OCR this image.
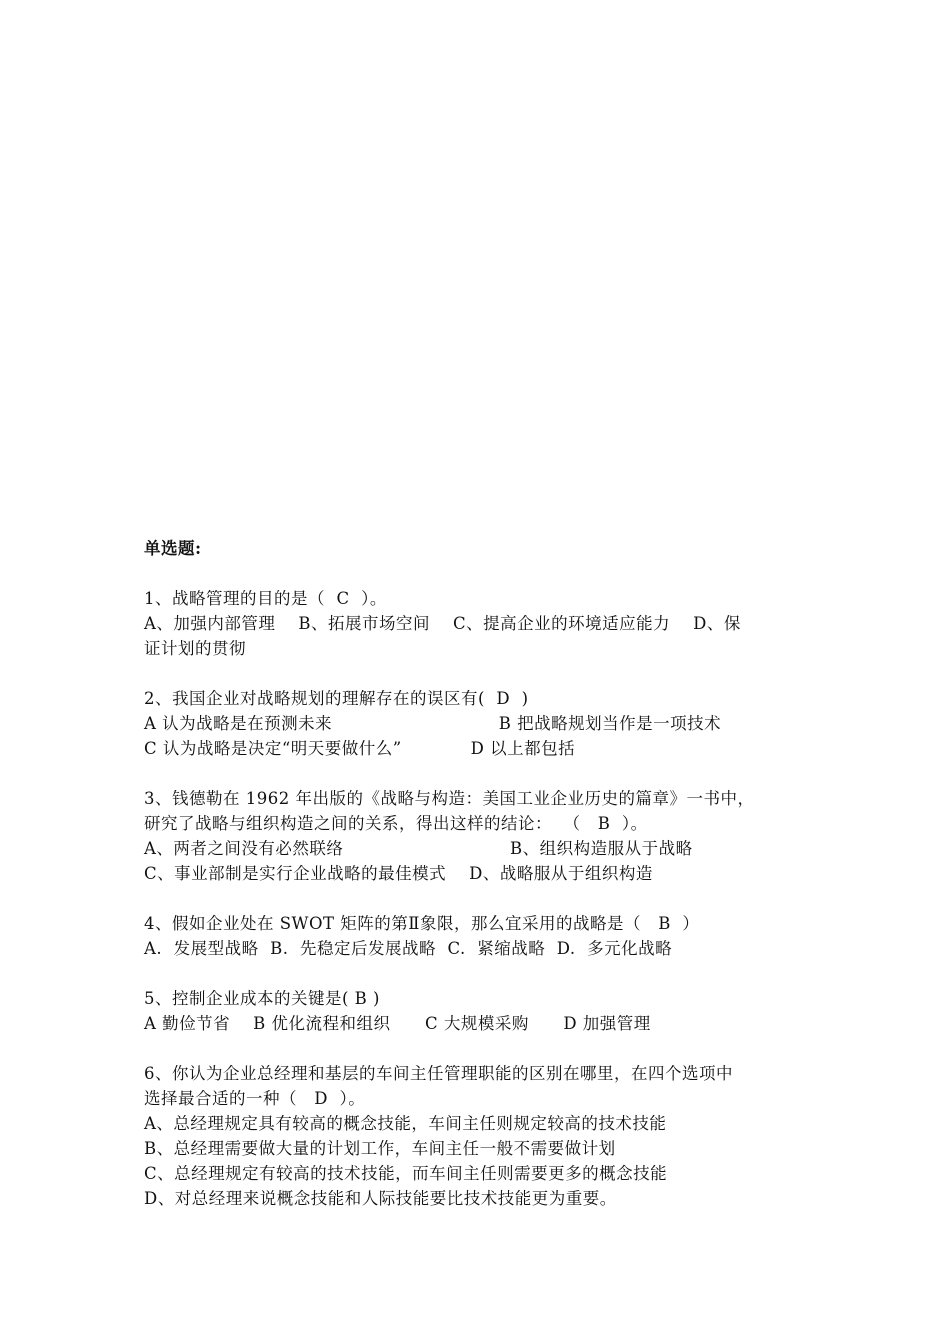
单选题:
1、战略管理的目的是（  C  ）。
A、加强内部管理    B、拓展市场空间    C、提高企业的环境适应能力    D、保
证计划的贯彻
2、我国企业对战略规划的理解存在的误区有(  D  )
A 认为战略是在预测未来                             B 把战略规划当作是一项技术
C 认为战略是决定“明天要做什么”            D 以上都包括
3、钱德勒在 1962 年出版的《战略与构造：美国工业企业历史的篇章》一书中，
研究了战略与组织构造之间的关系，得出这样的结论：  （   B  ）。
A、两者之间没有必然联络                             B、组织构造服从于战略
C、事业部制是实行企业战略的最佳模式    D、战略服从于组织构造
4、假如企业处在 SWOT 矩阵的第Ⅱ象限，那么宜采用的战略是（   B  ）
A.  发展型战略  B.  先稳定后发展战略  C.  紧缩战略  D.  多元化战略
5、控制企业成本的关键是( B )
A 勤俭节省    B 优化流程和组织      C 大规模采购      D 加强管理
6、你认为企业总经理和基层的车间主任管理职能的区别在哪里，在四个选项中
选择最合适的一种（   D  ）。
A、总经理规定具有较高的概念技能，车间主任则规定较高的技术技能
B、总经理需要做大量的计划工作，车间主任一般不需要做计划
C、总经理规定有较高的技术技能，而车间主任则需要更多的概念技能
D、对总经理来说概念技能和人际技能要比技术技能更为重要。
